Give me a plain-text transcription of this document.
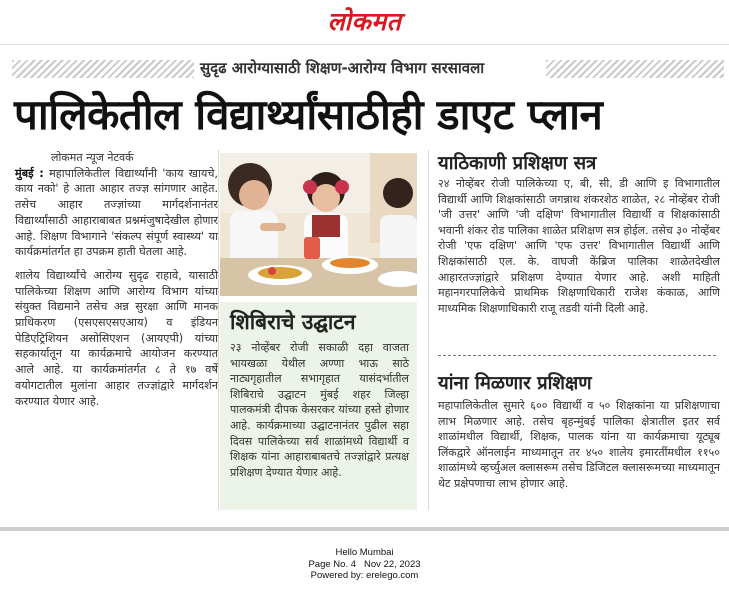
लोकमत
सुदृढ आरोग्यासाठी शिक्षण-आरोग्य विभाग सरसावला
पालिकेतील विद्यार्थ्यांसाठीही डाएट प्लान
लोकमत न्यूज नेटवर्क

मुंबई : महापालिकेतील विद्यार्थ्यांनी 'काय खायचे, काय नको' हे आता आहार तज्ज्ञ सांगणार आहेत. तसेच आहार तज्ज्ञांच्या मार्गदर्शनानंतर विद्यार्थ्यांसाठी आहाराबाबत प्रश्नमंजुषादेखील होणार आहे. शिक्षण विभागाने 'संकल्प संपूर्ण स्वास्थ्य' या कार्यक्रमांतर्गत हा उपक्रम हाती घेतला आहे.

शालेय विद्यार्थ्यांचे आरोग्य सुदृढ राहावे, यासाठी पालिकेच्या शिक्षण आणि आरोग्य विभाग यांच्या संयुक्त विद्यमाने तसेच अन्न सुरक्षा आणि मानक प्राधिकरण (एसएसएसएआय) व इंडियन पेडिएट्रिशियन असोसिएशन (आयएपी) यांच्या सहकार्यातून या कार्यक्रमाचे आयोजन करण्यात आले आहे. या कार्यक्रमांतर्गत ८ ते १७ वर्षे वयोगटातील मुलांना आहार तज्ज्ञांद्वारे मार्गदर्शन करण्यात येणार आहे.

शिबिराचे उद्घाटन
२३ नोव्हेंबर रोजी सकाळी दहा वाजता भायखळा येथील अण्णा भाऊ साठे नाट्यगृहातील सभागृहात यासंदर्भातील शिबिराचे उद्घाटन मुंबई शहर जिल्हा पालकमंत्री दीपक केसरकर यांच्या हस्ते होणार आहे. कार्यक्रमाच्या उद्घाटनानंतर पुढील सहा दिवस पालिकेच्या सर्व शाळांमध्ये विद्यार्थी व शिक्षक यांना आहाराबाबतचे तज्ज्ञांद्वारे प्रत्यक्ष प्रशिक्षण देण्यात येणार आहे.
याठिकाणी प्रशिक्षण सत्र
२४ नोव्हेंबर रोजी पालिकेच्या ए, बी, सी, डी आणि इ विभागातील विद्यार्थी आणि शिक्षकांसाठी जगन्नाथ शंकरशेठ शाळेत, २८ नोव्हेंबर रोजी 'जी उत्तर' आणि 'जी दक्षिण' विभागातील विद्यार्थी व शिक्षकांसाठी भवानी शंकर रोड पालिका शाळेत प्रशिक्षण सत्र होईल. तसेच ३० नोव्हेंबर रोजी 'एफ दक्षिण' आणि 'एफ उत्तर' विभागातील विद्यार्थी आणि शिक्षकांसाठी एल. के. वाघजी केंब्रिज पालिका शाळेतदेखील आहारतज्ज्ञांद्वारे प्रशिक्षण देण्यात येणार आहे. अशी माहिती महानगरपालिकेचे प्राथमिक शिक्षणाधिकारी राजेश कंकाळ, आणि माध्यमिक शिक्षणाधिकारी राजू तडवी यांनी दिली आहे.
यांना मिळणार प्रशिक्षण
महापालिकेतील सुमारे ६०० विद्यार्थी व ५० शिक्षकांना या प्रशिक्षणाचा लाभ मिळणार आहे. तसेच बृहन्मुंबई पालिका क्षेत्रातील इतर सर्व शाळांमधील विद्यार्थी, शिक्षक, पालक यांना या कार्यक्रमाचा यूट्यूब लिंकद्वारे ऑनलाईन माध्यमातून तर ४५० शालेय इमारतींमधील ११५० शाळांमध्ये व्हर्च्युअल क्लासरूम तसेच डिजिटल क्लासरूमच्या माध्यमातून थेट प्रक्षेपणाचा लाभ होणार आहे.
Hello Mumbai
Page No. 4 Nov 22, 2023
Powered by: erelego.com
